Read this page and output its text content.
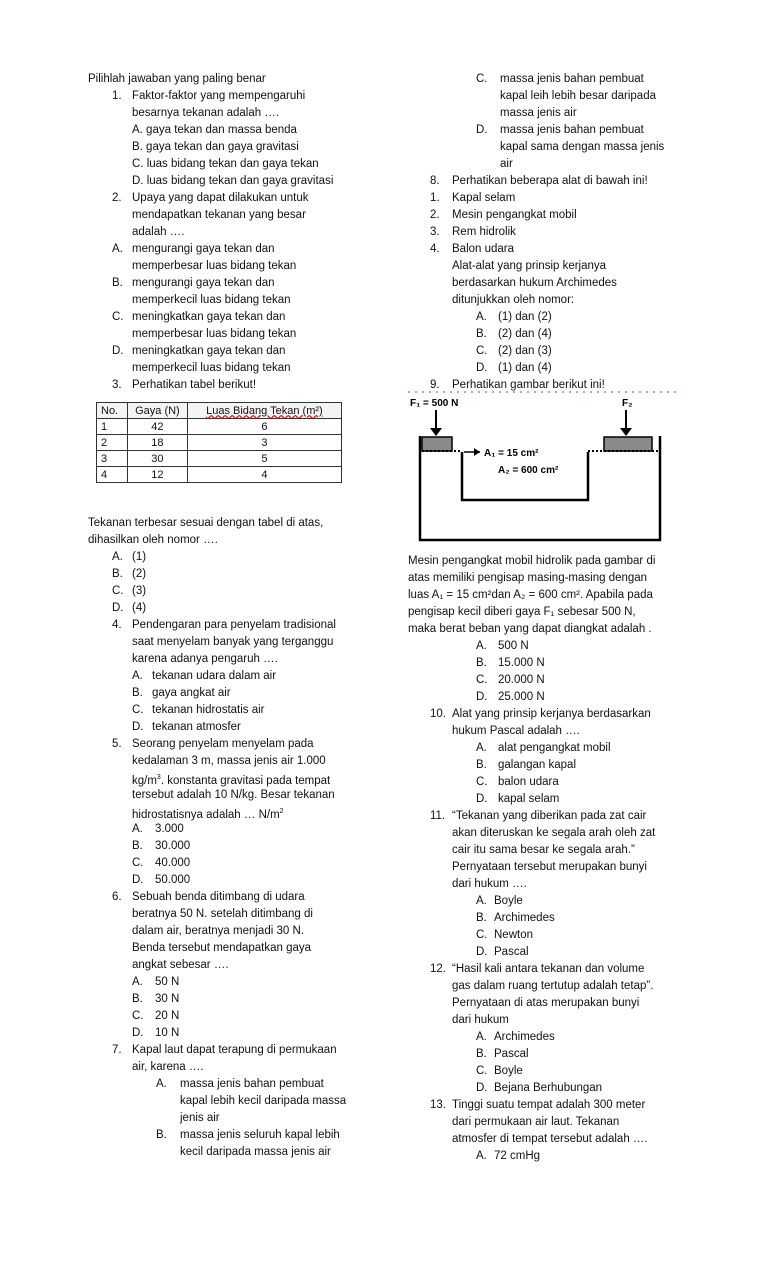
Pilihlah jawaban yang paling benar
1. Faktor-faktor yang mempengaruhi
besarnya tekanan adalah ….
A. gaya tekan dan massa benda
B. gaya tekan dan gaya gravitasi
C. luas bidang tekan dan gaya tekan
D. luas bidang tekan dan gaya gravitasi
2. Upaya yang dapat dilakukan untuk
mendapatkan tekanan yang besar
adalah ….
A. mengurangi gaya tekan dan
memperbesar luas bidang tekan
B. mengurangi gaya tekan dan
memperkecil luas bidang tekan
C. meningkatkan gaya tekan dan
memperbesar luas bidang tekan
D. meningkatkan gaya tekan dan
memperkecil luas bidang tekan
3. Perhatikan tabel berikut!
No.	Gaya (N)	Luas Bidang Tekan (m²)
1	42	6
2	18	3
3	30	5
4	12	4
Tekanan terbesar sesuai dengan tabel di atas,
dihasilkan oleh nomor ….
A. (1)
B. (2)
C. (3)
D. (4)
4. Pendengaran para penyelam tradisional
saat menyelam banyak yang terganggu
karena adanya pengaruh ….
A. tekanan udara dalam air
B. gaya angkat air
C. tekanan hidrostatis air
D. tekanan atmosfer
5. Seorang penyelam menyelam pada
kedalaman 3 m, massa jenis air 1.000
$kg/m^3$. konstanta gravitasi pada tempat
tersebut adalah 10 N/kg. Besar tekanan
hidrostatisnya adalah … $N/m^2$
A. 3.000
B. 30.000
C. 40.000
D. 50.000
6. Sebuah benda ditimbang di udara
beratnya 50 N. setelah ditimbang di
dalam air, beratnya menjadi 30 N.
Benda tersebut mendapatkan gaya
angkat sebesar ….
A. 50 N
B. 30 N
C. 20 N
D. 10 N
7. Kapal laut dapat terapung di permukaan
air, karena ….
A. massa jenis bahan pembuat
kapal lebih kecil daripada massa
jenis air
B. massa jenis seluruh kapal lebih
kecil daripada massa jenis air
C. massa jenis bahan pembuat
kapal leih lebih besar daripada
massa jenis air
D. massa jenis bahan pembuat
kapal sama dengan massa jenis
air
8. Perhatikan beberapa alat di bawah ini!
1. Kapal selam
2. Mesin pengangkat mobil
3. Rem hidrolik
4. Balon udara
Alat-alat yang prinsip kerjanya
berdasarkan hukum Archimedes
ditunjukkan oleh nomor:
A. (1) dan (2)
B. (2) dan (4)
C. (2) dan (3)
D. (1) dan (4)
9. Perhatikan gambar berikut ini!
F₁ = 500 N	F₂
A₁ = 15 cm²
A₂ = 600 cm²
Mesin pengangkat mobil hidrolik pada gambar di
atas memiliki pengisap masing-masing dengan
luas A₁ = 15 cm²dan A₂ = 600 cm². Apabila pada
pengisap kecil diberi gaya F₁ sebesar 500 N,
maka berat beban yang dapat diangkat adalah .
A. 500 N
B. 15.000 N
C. 20.000 N
D. 25.000 N
10. Alat yang prinsip kerjanya berdasarkan
hukum Pascal adalah ….
A. alat pengangkat mobil
B. galangan kapal
C. balon udara
D. kapal selam
11. “Tekanan yang diberikan pada zat cair
akan diteruskan ke segala arah oleh zat
cair itu sama besar ke segala arah.”
Pernyataan tersebut merupakan bunyi
dari hukum ….
A. Boyle
B. Archimedes
C. Newton
D. Pascal
12. “Hasil kali antara tekanan dan volume
gas dalam ruang tertutup adalah tetap”.
Pernyataan di atas merupakan bunyi
dari hukum
A. Archimedes
B. Pascal
C. Boyle
D. Bejana Berhubungan
13. Tinggi suatu tempat adalah 300 meter
dari permukaan air laut. Tekanan
atmosfer di tempat tersebut adalah ….
A. 72 cmHg
